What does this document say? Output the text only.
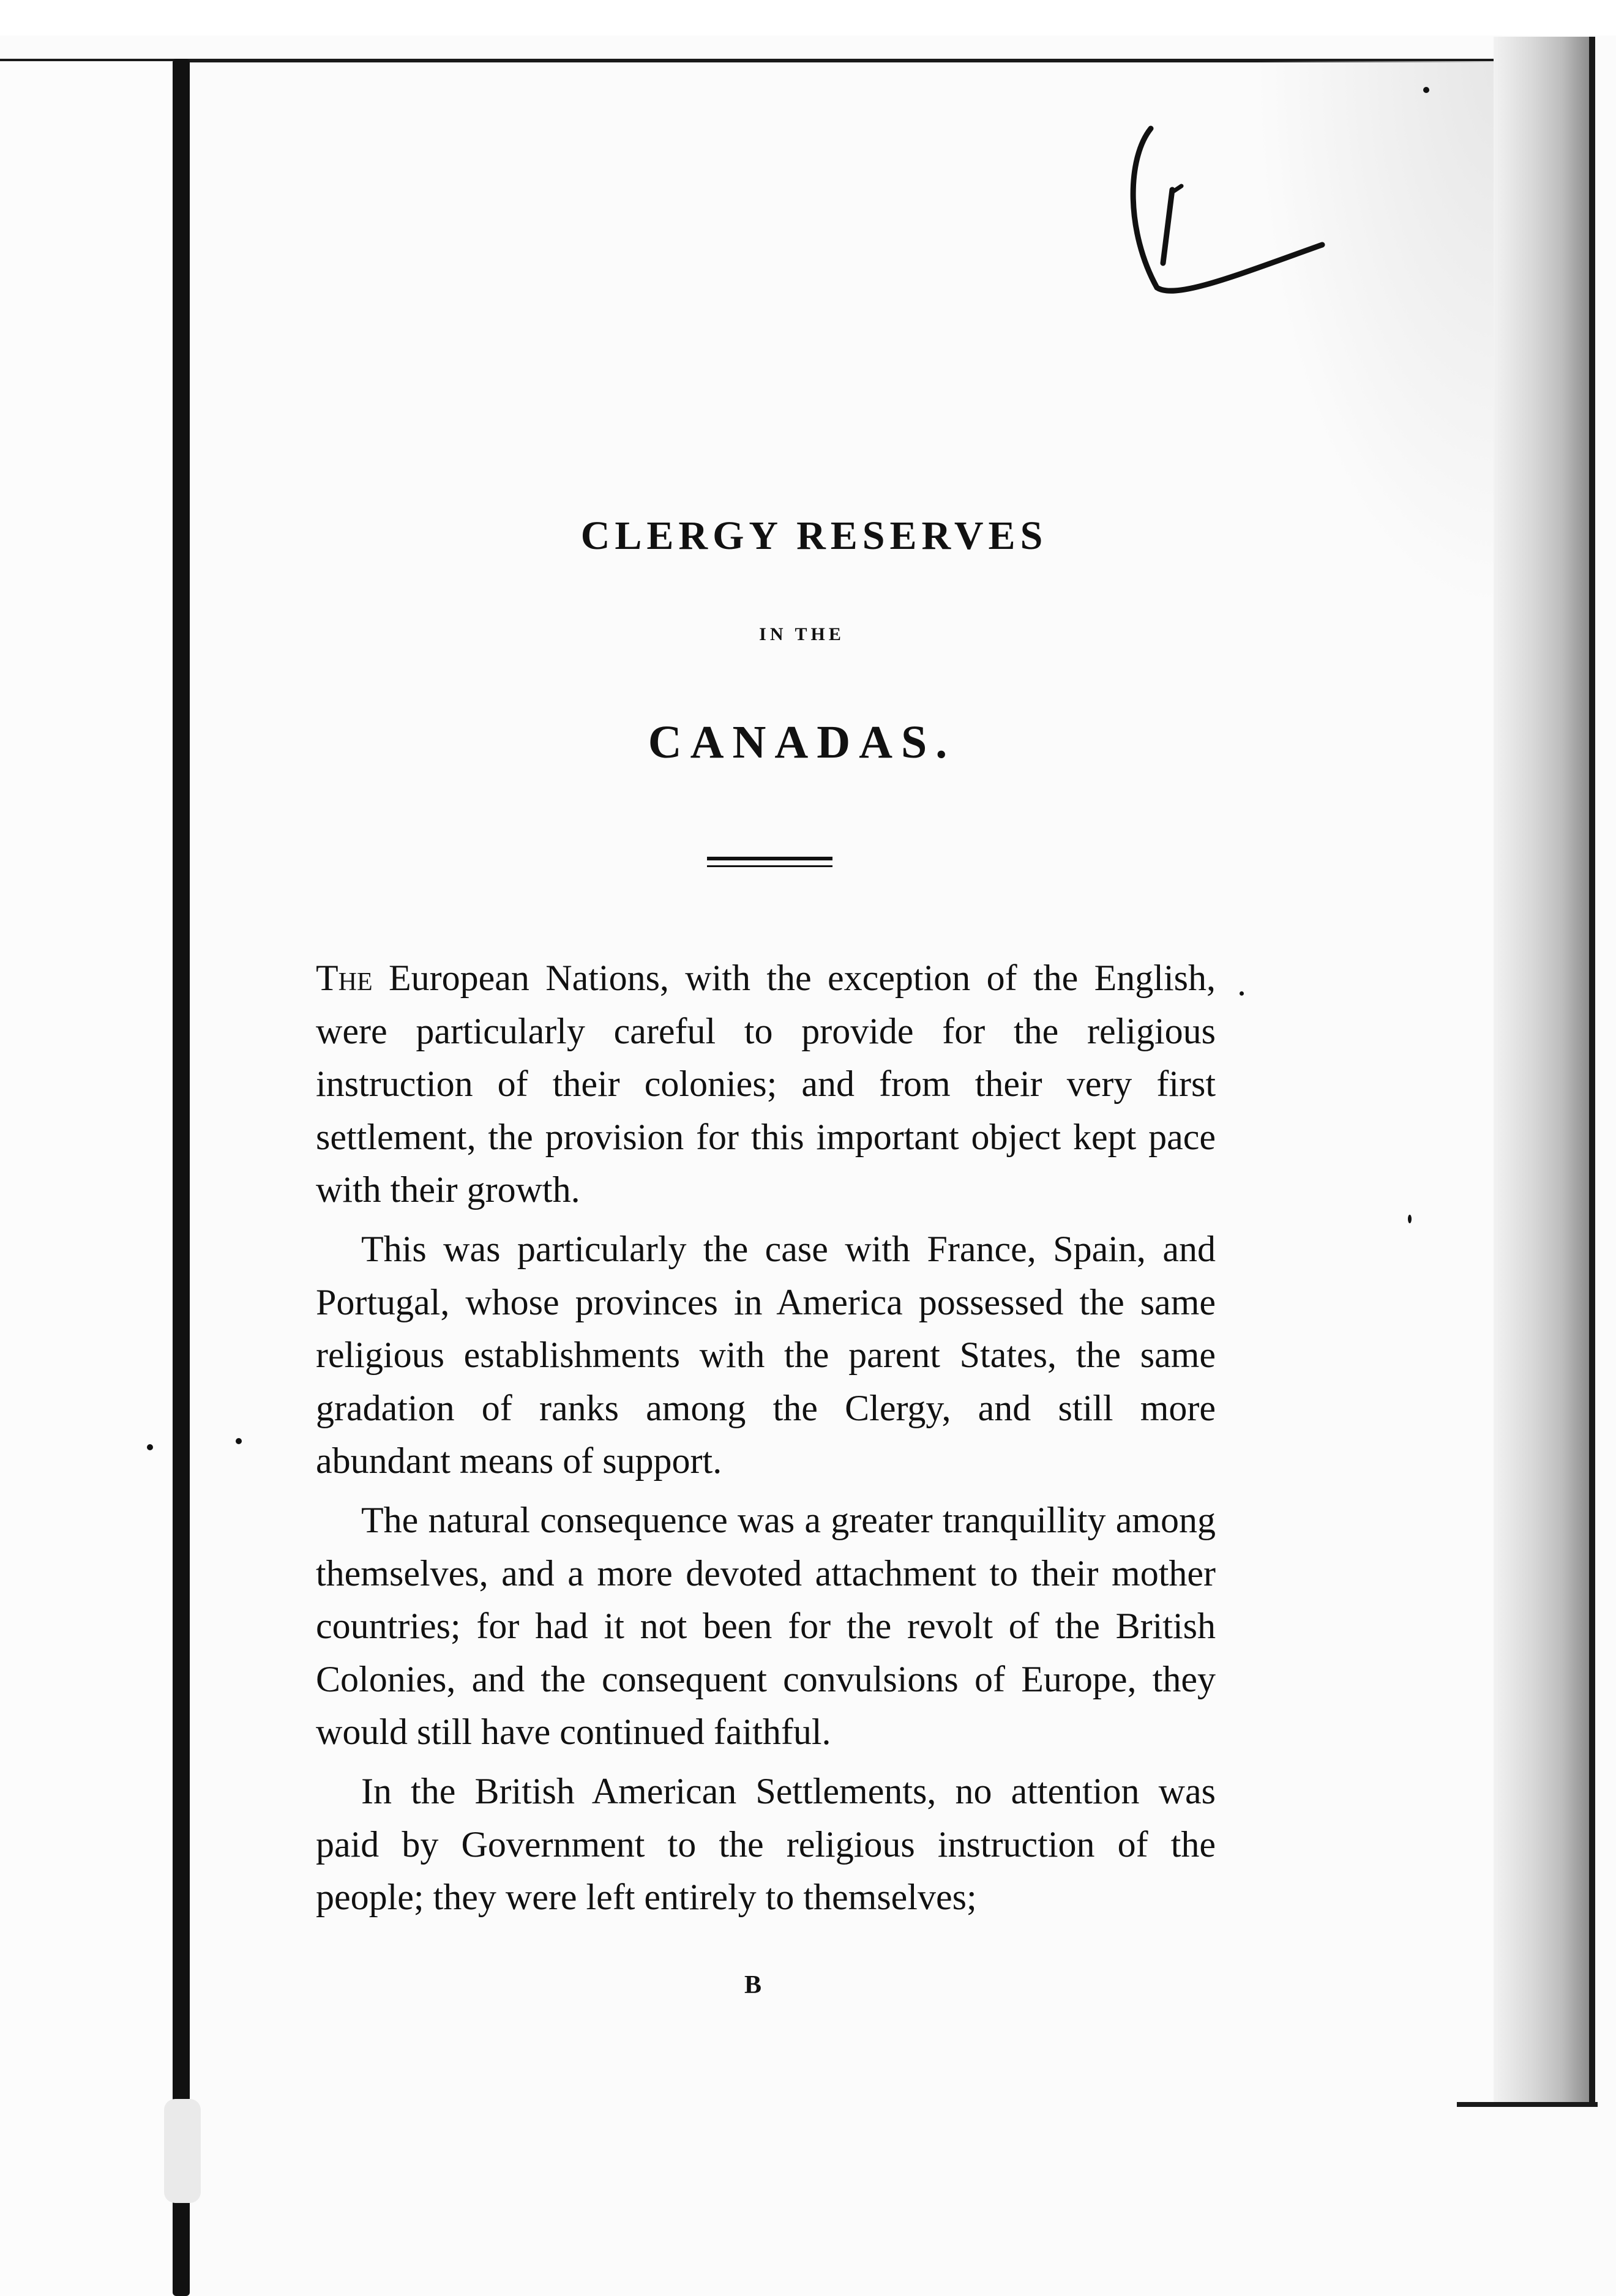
(1
CLERGY RESERVES
IN THE
CANADAS.

The European Nations, with the exception of the English, were particularly careful to provide for the religious instruction of their colonies; and from their very first settlement, the provision for this important object kept pace with their growth.

This was particularly the case with France, Spain, and Portugal, whose provinces in America possessed the same religious establishments with the parent States, the same gradation of ranks among the Clergy, and still more abundant means of support.

The natural consequence was a greater tranquillity among themselves, and a more devoted attachment to their mother countries; for had it not been for the revolt of the British Colonies, and the consequent convulsions of Europe, they would still have continued faithful.

In the British American Settlements, no attention was paid by Government to the religious instruction of the people; they were left entirely to themselves;

B
